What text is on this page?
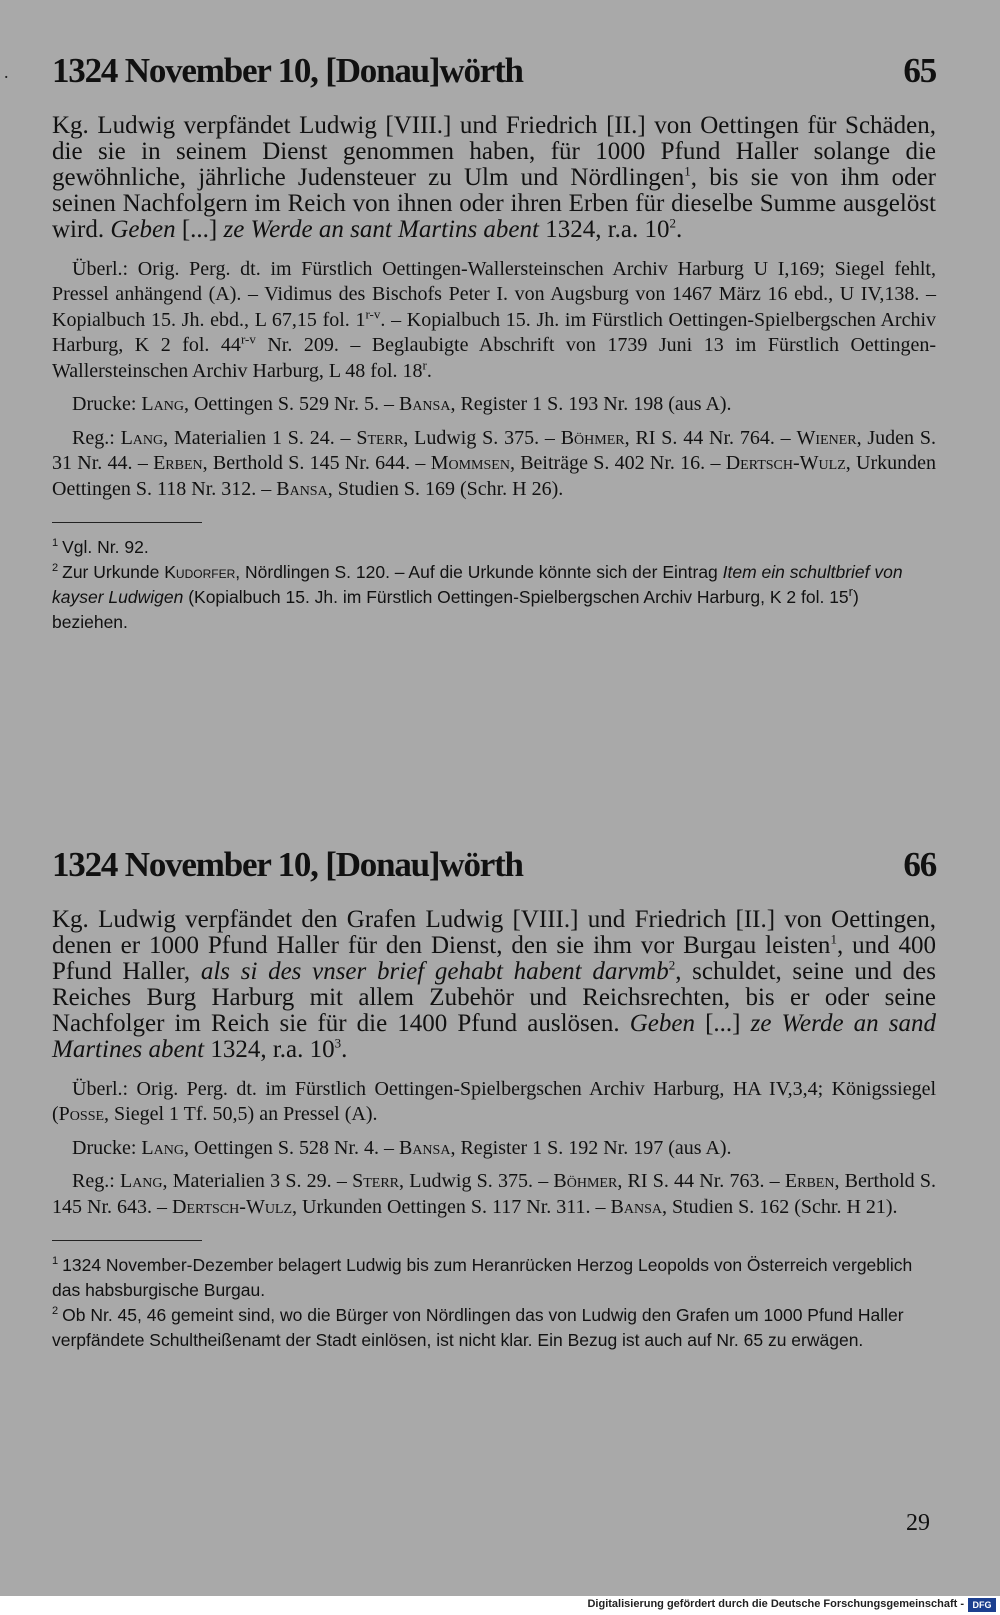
. 1324 November 10, [Donau]wörth	65

Kg. Ludwig verpfändet Ludwig [VIII.] und Friedrich [II.] von Oettingen für Schäden, die sie in seinem Dienst genommen haben, für 1000 Pfund Haller solange die gewöhnliche, jährliche Judensteuer zu Ulm und Nördlingen$^1$, bis sie von ihm oder seinen Nachfolgern im Reich von ihnen oder ihren Erben für dieselbe Summe ausgelöst wird. Geben [...] ze Werde an sant Martins abent 1324, r.a. $10^2$.

Überl.: Orig. Perg. dt. im Fürstlich Oettingen-Wallersteinschen Archiv Harburg U I,169; Siegel fehlt, Pressel anhängend (A). – Vidimus des Bischofs Peter I. von Augsburg von 1467 März 16 ebd., U IV,138. – Kopialbuch 15. Jh. ebd., L 67,15 fol. 1$^{r-v}$. – Kopialbuch 15. Jh. im Fürstlich Oettingen-Spielbergschen Archiv Harburg, K 2 fol. 44$^{r-v}$ Nr. 209. – Beglaubigte Abschrift von 1739 Juni 13 im Fürstlich Oettingen-Wallersteinschen Archiv Harburg, L 48 fol. 18$^r$.

Drucke: Lang, Oettingen S. 529 Nr. 5. – Bansa, Register 1 S. 193 Nr. 198 (aus A).

Reg.: Lang, Materialien 1 S. 24. – Sterr, Ludwig S. 375. – Böhmer, RI S. 44 Nr. 764. – Wiener, Juden S. 31 Nr. 44. – Erben, Berthold S. 145 Nr. 644. – Mommsen, Beiträge S. 402 Nr. 16. – Dertsch-Wulz, Urkunden Oettingen S. 118 Nr. 312. – Bansa, Studien S. 169 (Schr. H 26).

$^1$ Vgl. Nr. 92.

$^2$ Zur Urkunde Kudorfer, Nördlingen S. 120. – Auf die Urkunde könnte sich der Eintrag Item ein schultbrief von kayser Ludwigen (Kopialbuch 15. Jh. im Fürstlich Oettingen-Spielbergschen Archiv Harburg, K 2 fol. 15$^r$) beziehen.

1324 November 10, [Donau]wörth	66

Kg. Ludwig verpfändet den Grafen Ludwig [VIII.] und Friedrich [II.] von Oettingen, denen er 1000 Pfund Haller für den Dienst, den sie ihm vor Burgau leisten$^1$, und 400 Pfund Haller, als si des vnser brief gehabt habent darvmb$^2$, schuldet, seine und des Reiches Burg Harburg mit allem Zubehör und Reichsrechten, bis er oder seine Nachfolger im Reich sie für die 1400 Pfund auslösen. Geben [...] ze Werde an sand Martines abent 1324, r.a. $10^3$.

Überl.: Orig. Perg. dt. im Fürstlich Oettingen-Spielbergschen Archiv Harburg, HA IV,3,4; Königssiegel (Posse, Siegel 1 Tf. 50,5) an Pressel (A).

Drucke: Lang, Oettingen S. 528 Nr. 4. – Bansa, Register 1 S. 192 Nr. 197 (aus A).

Reg.: Lang, Materialien 3 S. 29. – Sterr, Ludwig S. 375. – Böhmer, RI S. 44 Nr. 763. – Erben, Berthold S. 145 Nr. 643. – Dertsch-Wulz, Urkunden Oettingen S. 117 Nr. 311. – Bansa, Studien S. 162 (Schr. H 21).

$^1$ 1324 November-Dezember belagert Ludwig bis zum Heranrücken Herzog Leopolds von Österreich vergeblich das habsburgische Burgau.

$^2$ Ob Nr. 45, 46 gemeint sind, wo die Bürger von Nördlingen das von Ludwig den Grafen um 1000 Pfund Haller verpfändete Schultheißenamt der Stadt einlösen, ist nicht klar. Ein Bezug ist auch auf Nr. 65 zu erwägen.

29
Digitalisierung gefördert durch die Deutsche Forschungsgemeinschaft - DFG
